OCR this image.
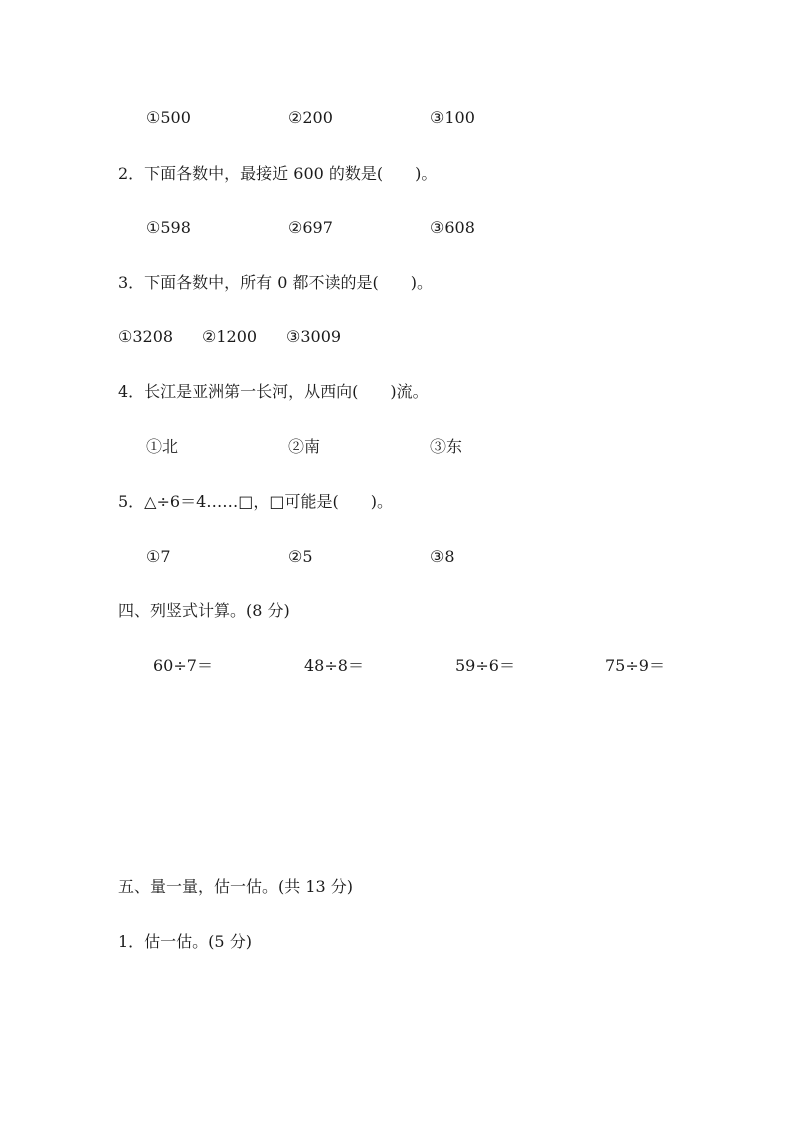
①500	②200	③100
2．下面各数中，最接近 600 的数是(　　)。
①598	②697	③608
3．下面各数中，所有 0 都不读的是(　　)。
①3208 ②1200 ③3009
4．长江是亚洲第一长河，从西向(　　)流。
①北	②南	③东
5．△÷6＝4……□，□可能是(　　)。
①7	②5	③8
四、列竖式计算。(8 分)
60÷7＝	48÷8＝	59÷6＝	75÷9＝
五、量一量，估一估。(共 13 分)
1．估一估。(5 分)
